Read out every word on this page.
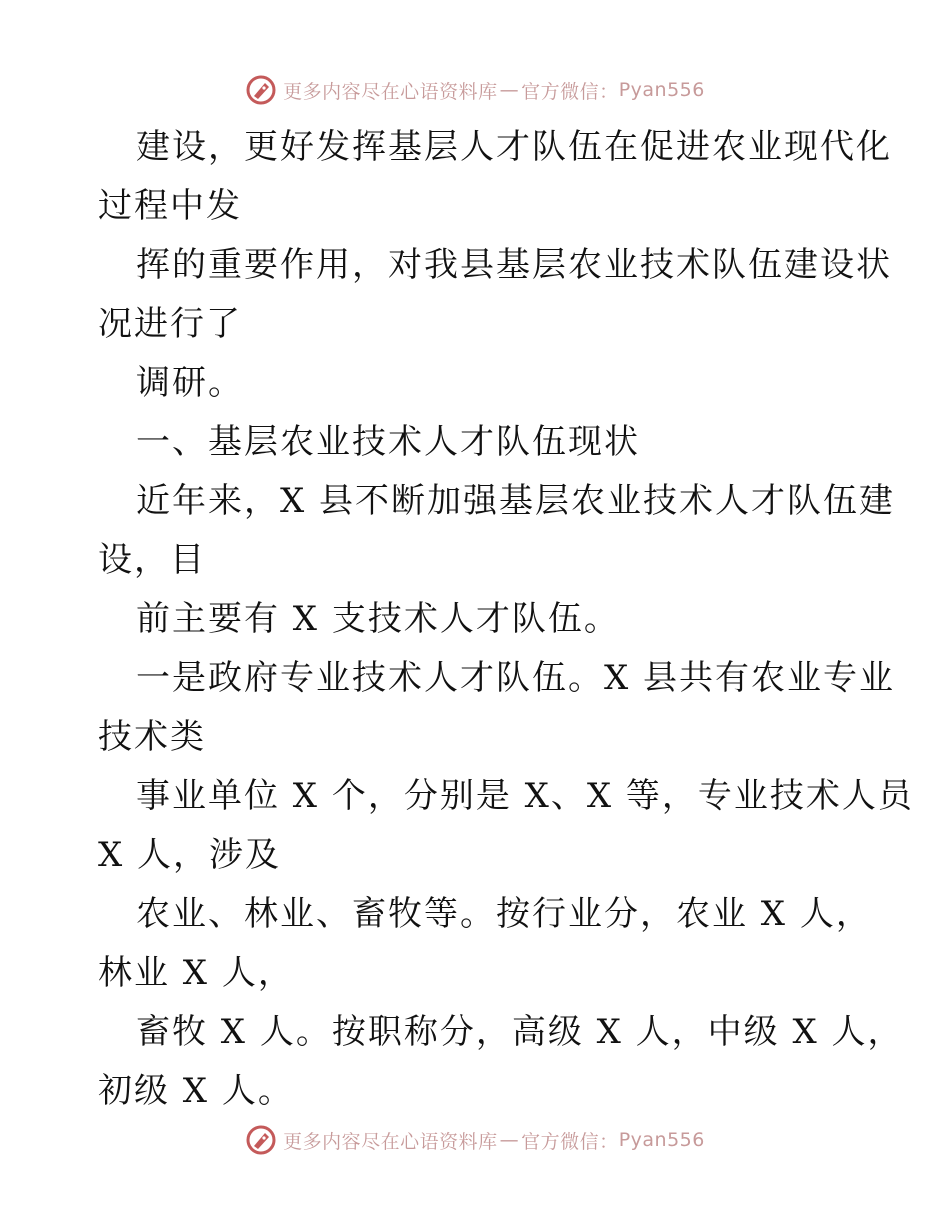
更多内容尽在心语资料库 — 官方微信： Pyan556
建设，更好发挥基层人才队伍在促进农业现代化
过程中发
挥的重要作用，对我县基层农业技术队伍建设状
况进行了
调研。
一、基层农业技术人才队伍现状
近年来，X 县不断加强基层农业技术人才队伍建
设，目
前主要有 X 支技术人才队伍。
一是政府专业技术人才队伍。X 县共有农业专业
技术类
事业单位 X 个，分别是 X、X 等，专业技术人员
X 人，涉及
农业、林业、畜牧等。按行业分，农业 X 人，
林业 X 人，
畜牧 X 人。按职称分，高级 X 人，中级 X 人，
初级 X 人。
更多内容尽在心语资料库 — 官方微信： Pyan556
